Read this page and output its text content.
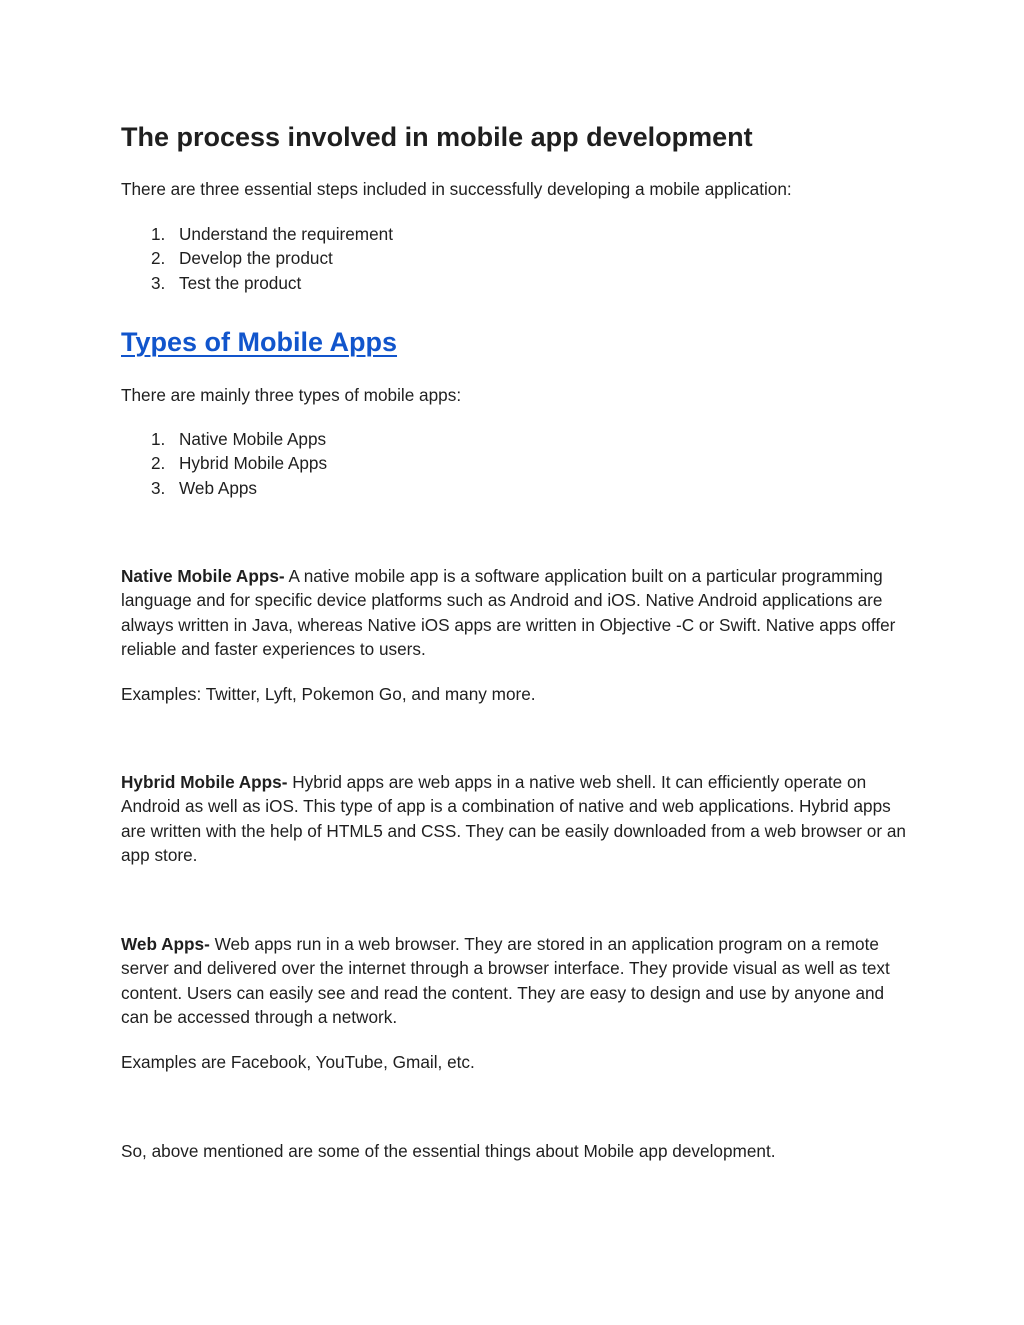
The process involved in mobile app development

There are three essential steps included in successfully developing a mobile application:

1. Understand the requirement
2. Develop the product
3. Test the product
Types of Mobile Apps

There are mainly three types of mobile apps:

1. Native Mobile Apps
2. Hybrid Mobile Apps
3. Web Apps

Native Mobile Apps- A native mobile app is a software application built on a particular programming language and for specific device platforms such as Android and iOS. Native Android applications are always written in Java, whereas Native iOS apps are written in Objective -C or Swift. Native apps offer reliable and faster experiences to users.

Examples: Twitter, Lyft, Pokemon Go, and many more.

Hybrid Mobile Apps- Hybrid apps are web apps in a native web shell. It can efficiently operate on Android as well as iOS. This type of app is a combination of native and web applications. Hybrid apps are written with the help of HTML5 and CSS. They can be easily downloaded from a web browser or an app store.

Web Apps- Web apps run in a web browser. They are stored in an application program on a remote server and delivered over the internet through a browser interface. They provide visual as well as text content. Users can easily see and read the content. They are easy to design and use by anyone and can be accessed through a network.

Examples are Facebook, YouTube, Gmail, etc.

So, above mentioned are some of the essential things about Mobile app development.
